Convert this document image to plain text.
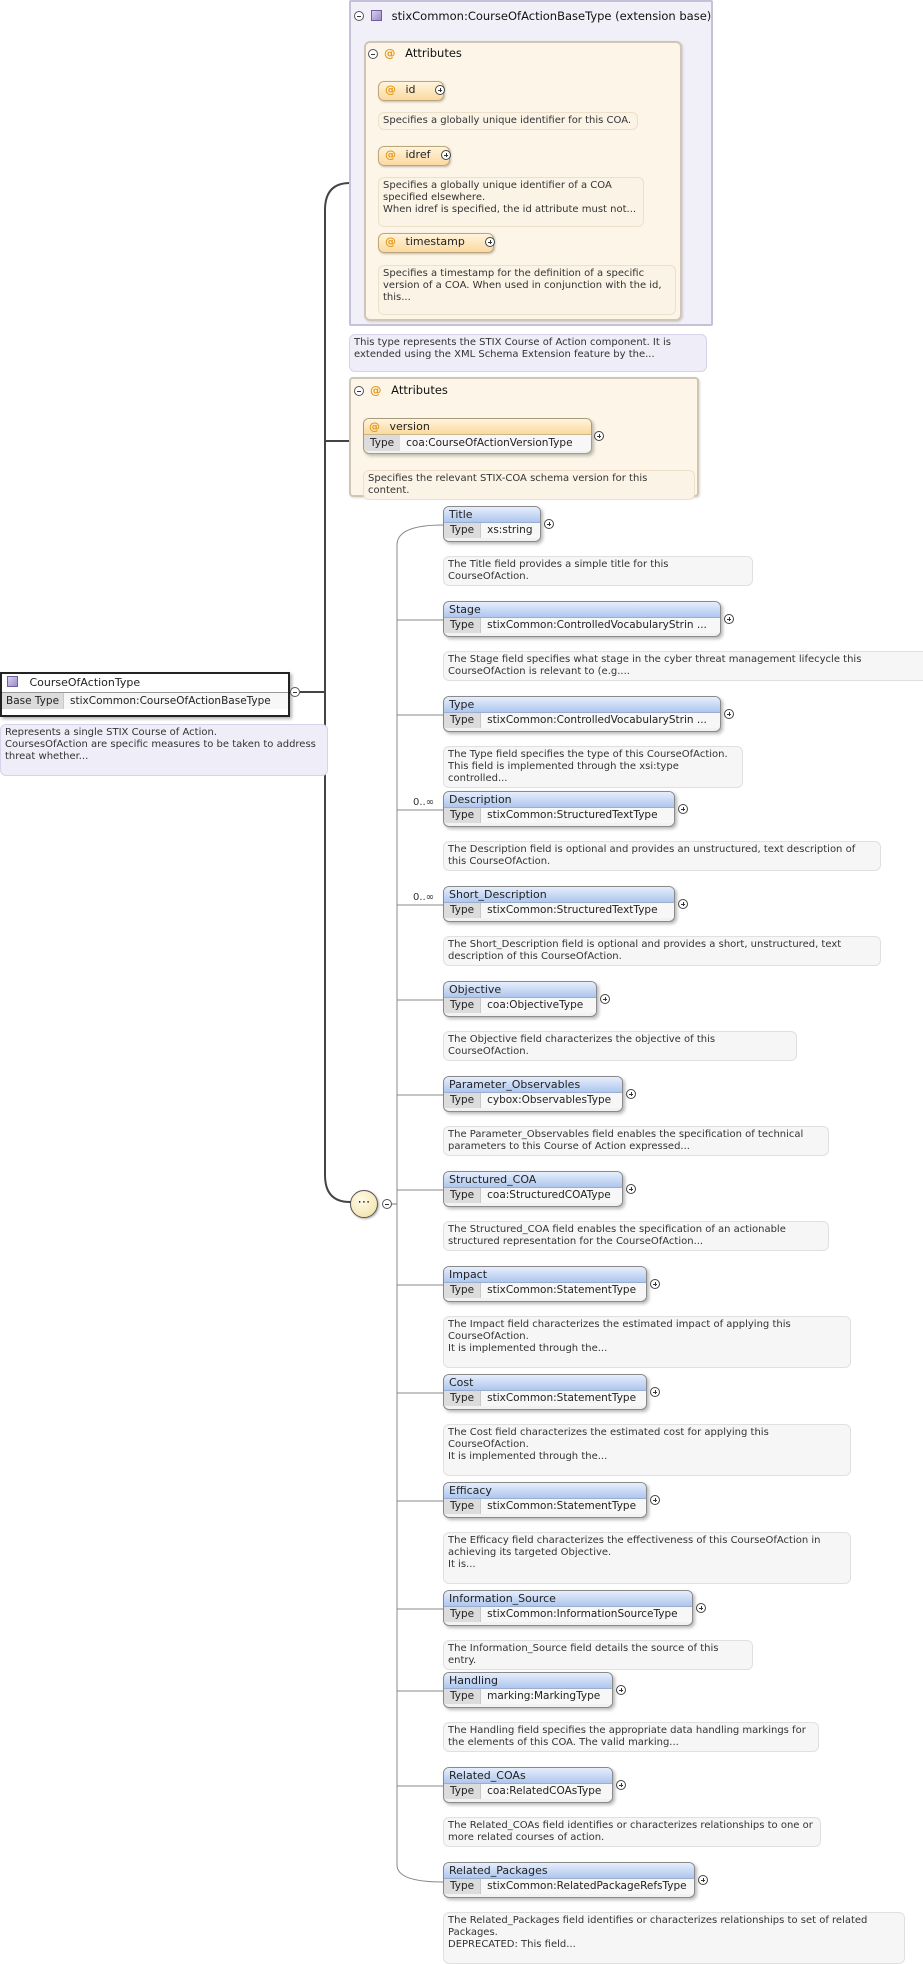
stixCommon:CourseOfActionBaseType (extension base)
@ Attributes
@ id
Specifies a globally unique identifier for this COA.
@ idref
Specifies a globally unique identifier of a COA specified elsewhere.
When idref is specified, the id attribute must not...
@ timestamp
Specifies a timestamp for the definition of a specific version of a COA. When used in conjunction with the id, this...
This type represents the STIX Course of Action component. It is extended using the XML Schema Extension feature by the...
@ Attributes
@ version
Type	coa:CourseOfActionVersionType
Specifies the relevant STIX-COA schema version for this content.
CourseOfActionType
Base Type	stixCommon:CourseOfActionBaseType
Represents a single STIX Course of Action.
CoursesOfAction are specific measures to be taken to address threat whether...
⋯
Title
Type	xs:string
The Title field provides a simple title for this CourseOfAction.
Stage
Type	stixCommon:ControlledVocabularyStrin ...
The Stage field specifies what stage in the cyber threat management lifecycle this CourseOfAction is relevant to (e.g....
Type
Type	stixCommon:ControlledVocabularyStrin ...
The Type field specifies the type of this CourseOfAction.
This field is implemented through the xsi:type controlled...
Description
Type	stixCommon:StructuredTextType
0..∞
The Description field is optional and provides an unstructured, text description of this CourseOfAction.
Short_Description
Type	stixCommon:StructuredTextType
0..∞
The Short_Description field is optional and provides a short, unstructured, text description of this CourseOfAction.
Objective
Type	coa:ObjectiveType
The Objective field characterizes the objective of this CourseOfAction.
Parameter_Observables
Type	cybox:ObservablesType
The Parameter_Observables field enables the specification of technical parameters to this Course of Action expressed...
Structured_COA
Type	coa:StructuredCOAType
The Structured_COA field enables the specification of an actionable structured representation for the CourseOfAction...
Impact
Type	stixCommon:StatementType
The Impact field characterizes the estimated impact of applying this CourseOfAction.
It is implemented through the...
Cost
Type	stixCommon:StatementType
The Cost field characterizes the estimated cost for applying this CourseOfAction.
It is implemented through the...
Efficacy
Type	stixCommon:StatementType
The Efficacy field characterizes the effectiveness of this CourseOfAction in achieving its targeted Objective.
It is...
Information_Source
Type	stixCommon:InformationSourceType
The Information_Source field details the source of this entry.
Handling
Type	marking:MarkingType
The Handling field specifies the appropriate data handling markings for the elements of this COA. The valid marking...
Related_COAs
Type	coa:RelatedCOAsType
The Related_COAs field identifies or characterizes relationships to one or more related courses of action.
Related_Packages
Type	stixCommon:RelatedPackageRefsType
The Related_Packages field identifies or characterizes relationships to set of related Packages.
DEPRECATED: This field...
